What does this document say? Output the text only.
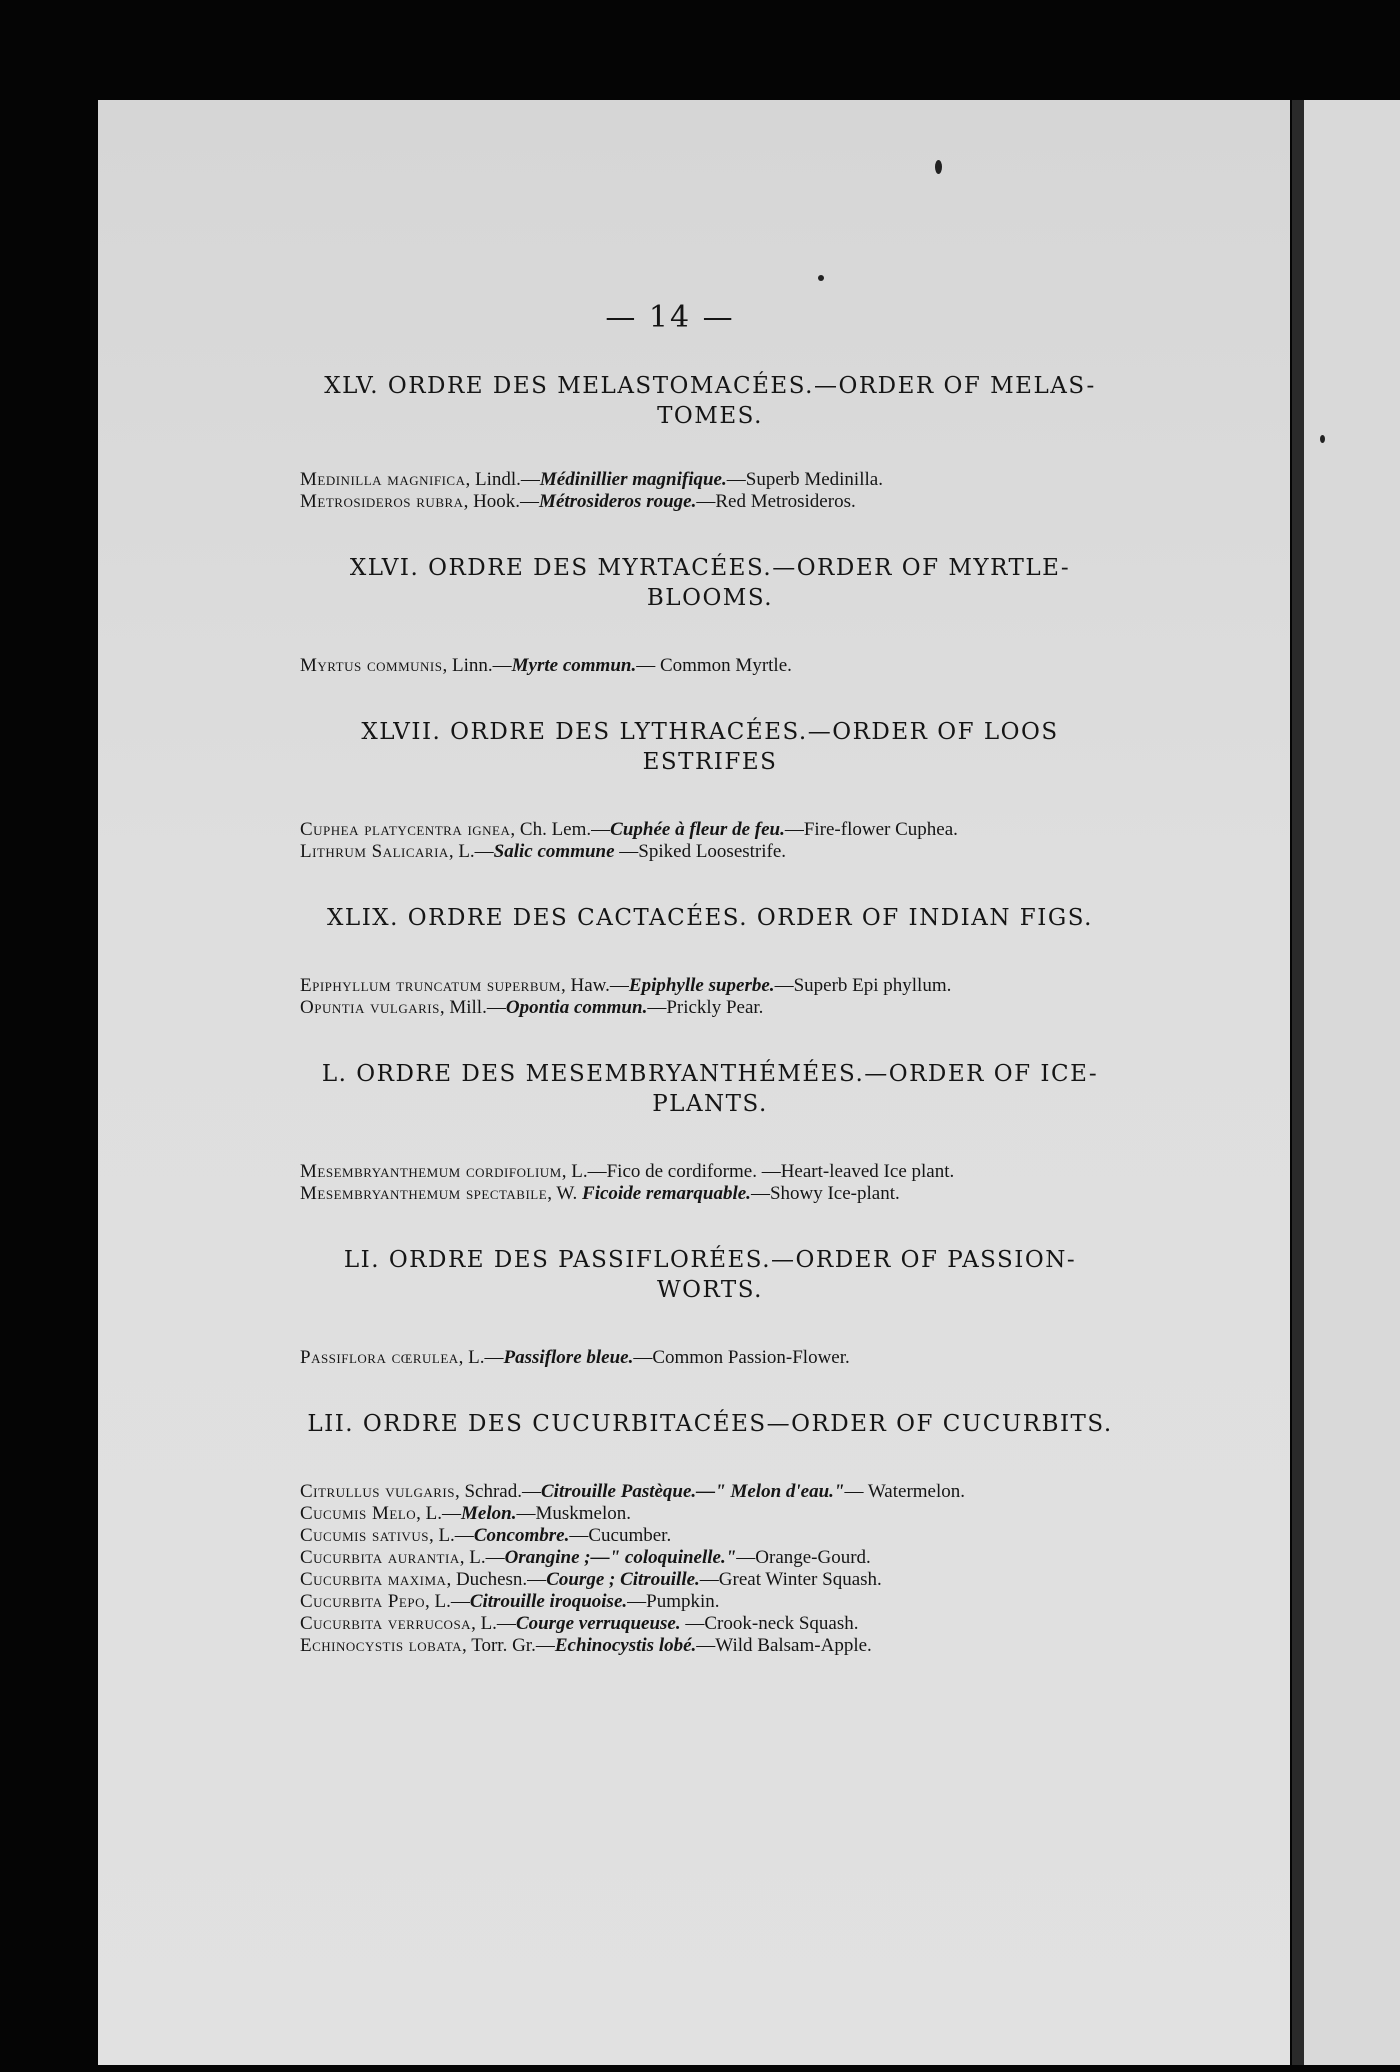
— 14 —
XLV. ORDRE DES MELASTOMACÉES.—ORDER OF MELAS-TOMES.
Medinilla magnifica, Lindl.—Médinillier magnifique.—Superb Medinilla.
Metrosideros rubra, Hook.—Métrosideros rouge.—Red Metrosideros.
XLVI. ORDRE DES MYRTACÉES.—ORDER OF MYRTLE-BLOOMS.
Myrtus communis, Linn.—Myrte commun.— Common Myrtle.
XLVII. ORDRE DES LYTHRACÉES.—ORDER OF LOOS ESTRIFES
Cuphea platycentra ignea, Ch. Lem.—Cuphée à fleur de feu.—Fire-flower Cuphea.
Lithrum Salicaria, L.—Salic commune —Spiked Loosestrife.
XLIX. ORDRE DES CACTACÉES. ORDER OF INDIAN FIGS.
Epiphyllum truncatum superbum, Haw.—Epiphylle superbe.—Superb Epi phyllum.
Opuntia vulgaris, Mill.—Opontia commun.—Prickly Pear.
L. ORDRE DES MESEMBRYANTHÉMÉES.—ORDER OF ICE-PLANTS.
Mesembryanthemum cordifolium, L.—Fico de cordiforme. —Heart-leaved Ice plant.
Mesembryanthemum spectabile, W. Ficoide remarquable.—Showy Ice-plant.
LI. ORDRE DES PASSIFLORÉES.—ORDER OF PASSION-WORTS.
Passiflora cœrulea, L.—Passiflore bleue.—Common Passion-Flower.
LII. ORDRE DES CUCURBITACÉES—ORDER OF CUCURBITS.
Citrullus vulgaris, Schrad.—Citrouille Pastèque.—" Melon d'eau."— Watermelon.
Cucumis Melo, L.—Melon.—Muskmelon.
Cucumis sativus, L.—Concombre.—Cucumber.
Cucurbita aurantia, L.—Orangine ;—" coloquinelle."—Orange-Gourd.
Cucurbita maxima, Duchesn.—Courge ; Citrouille.—Great Winter Squash.
Cucurbita Pepo, L.—Citrouille iroquoise.—Pumpkin.
Cucurbita verrucosa, L.—Courge verruqueuse. —Crook-neck Squash.
Echinocystis lobata, Torr. Gr.—Echinocystis lobé.—Wild Balsam-Apple.
